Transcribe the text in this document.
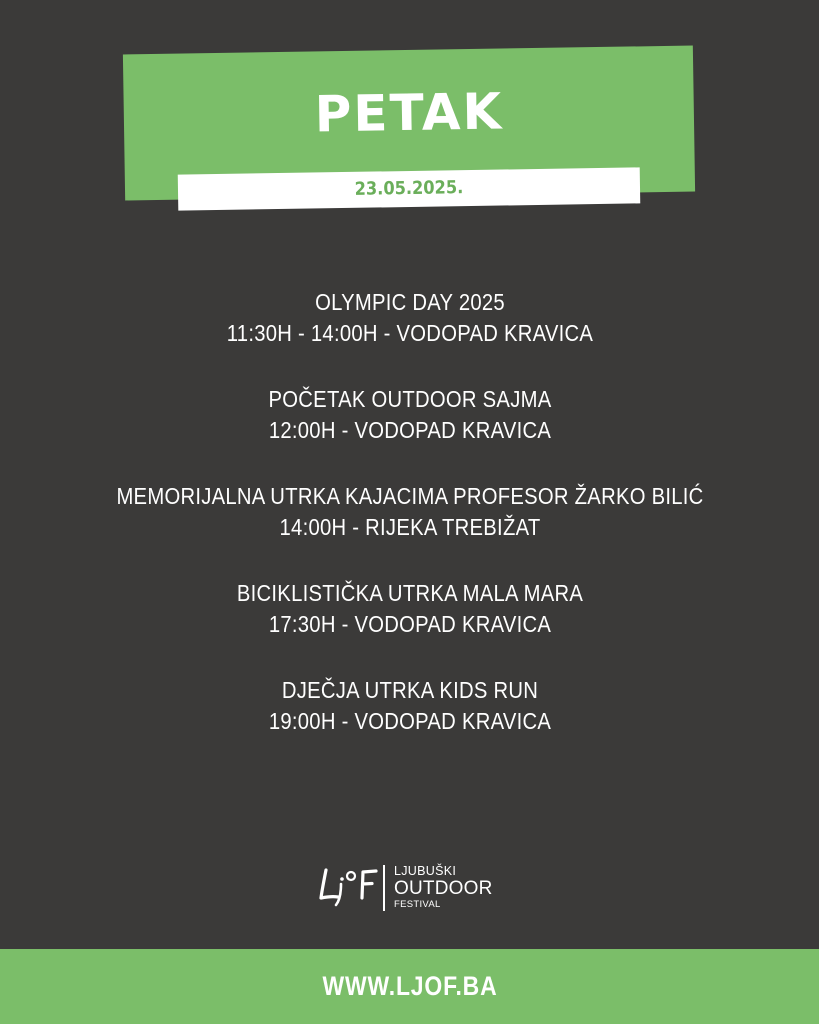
PETAK
23.05.2025.
OLYMPIC DAY 2025
11:30H - 14:00H - VODOPAD KRAVICA
POČETAK OUTDOOR SAJMA
12:00H - VODOPAD KRAVICA
MEMORIJALNA UTRKA KAJACIMA PROFESOR ŽARKO BILIĆ
14:00H - RIJEKA TREBIŽAT
BICIKLISTIČKA UTRKA MALA MARA
17:30H - VODOPAD KRAVICA
DJEČJA UTRKA KIDS RUN
19:00H - VODOPAD KRAVICA
LJUBUŠKI
OUTDOOR
FESTIVAL
WWW.LJOF.BA
